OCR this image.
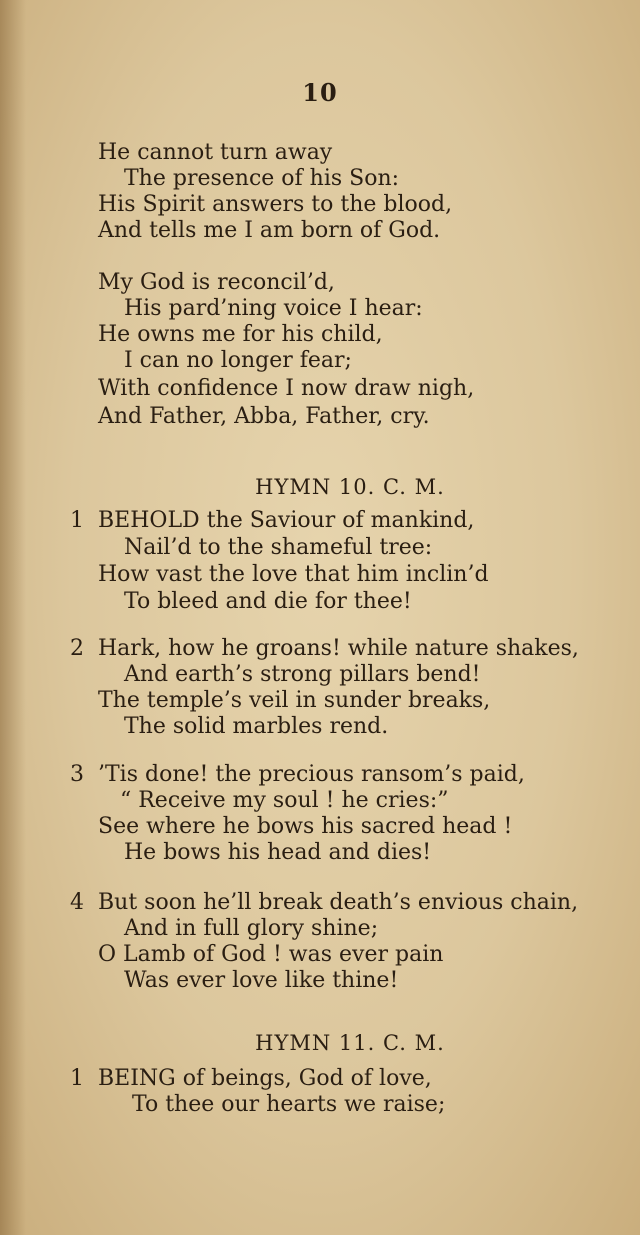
10
He cannot turn away
The presence of his Son:
His Spirit answers to the blood,
And tells me I am born of God.
My God is reconcil’d,
His pard’ning voice I hear:
He owns me for his child,
I can no longer fear;
With confidence I now draw nigh,
And Father, Abba, Father, cry.
HYMN 10. C. M.
1 BEHOLD the Saviour of mankind,
Nail’d to the shameful tree:
How vast the love that him inclin’d
To bleed and die for thee!
2 Hark, how he groans! while nature shakes,
And earth’s strong pillars bend!
The temple’s veil in sunder breaks,
The solid marbles rend.
3 ’Tis done! the precious ransom’s paid,
“ Receive my soul ! he cries:”
See where he bows his sacred head !
He bows his head and dies!
4 But soon he’ll break death’s envious chain,
And in full glory shine;
O Lamb of God ! was ever pain
Was ever love like thine!
HYMN 11. C. M.
1 BEING of beings, God of love,
To thee our hearts we raise;
